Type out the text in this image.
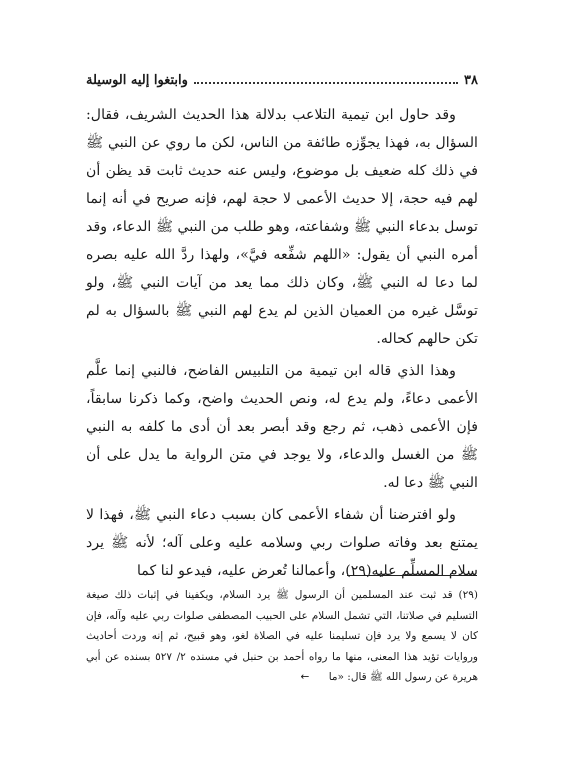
٣٨
وابتغوا إليه الوسيلة

وقد حاول ابن تيمية التلاعب بدلالة هذا الحديث الشريف، فقال: السؤال به، فهذا يجوِّزه طائفة من الناس، لكن ما روي عن النبي ﷺ في ذلك كله ضعيف بل موضوع، وليس عنه حديث ثابت قد يظن أن لهم فيه حجة، إلا حديث الأعمى لا حجة لهم، فإنه صريح في أنه إنما توسل بدعاء النبي ﷺ وشفاعته، وهو طلب من النبي ﷺ الدعاء، وقد أمره النبي أن يقول: «اللهم شفِّعه فيَّ»، ولهذا ردَّ الله عليه بصره لما دعا له النبي ﷺ، وكان ذلك مما يعد من آيات النبي ﷺ، ولو توسَّل غيره من العميان الذين لم يدع لهم النبي ﷺ بالسؤال به لم تكن حالهم كحاله.

وهذا الذي قاله ابن تيمية من التلبيس الفاضح، فالنبي إنما علَّم الأعمى دعاءً، ولم يدع له، ونص الحديث واضح، وكما ذكرنا سابقاً، فإن الأعمى ذهب، ثم رجع وقد أبصر بعد أن أدى ما كلفه به النبي ﷺ من الغسل والدعاء، ولا يوجد في متن الرواية ما يدل على أن النبي ﷺ دعا له.

ولو افترضنا أن شفاء الأعمى كان بسبب دعاء النبي ﷺ، فهذا لا يمتنع بعد وفاته صلوات ربي وسلامه عليه وعلى آله؛ لأنه ﷺ يرد سلام المسلِّم عليه(٢٩)، وأعمالنا تُعرض عليه، فيدعو لنا كما

(٢٩) قد ثبت عند المسلمين أن الرسول ﷺ يرد السلام، ويكفينا في إثبات ذلك صيغة التسليم في صلاتنا، التي تشمل السلام على الحبيب المصطفى صلوات ربي عليه وآله، فإن كان لا يسمع ولا يرد فإن تسليمنا عليه في الصلاة لغو، وهو قبيح، ثم إنه وردت أحاديث وروايات تؤيد هذا المعنى، منها ما رواه أحمد بن حنبل في مسنده ٢/ ٥٢٧ بسنده عن أبي هريرة عن رسول الله ﷺ قال: «ما ←
